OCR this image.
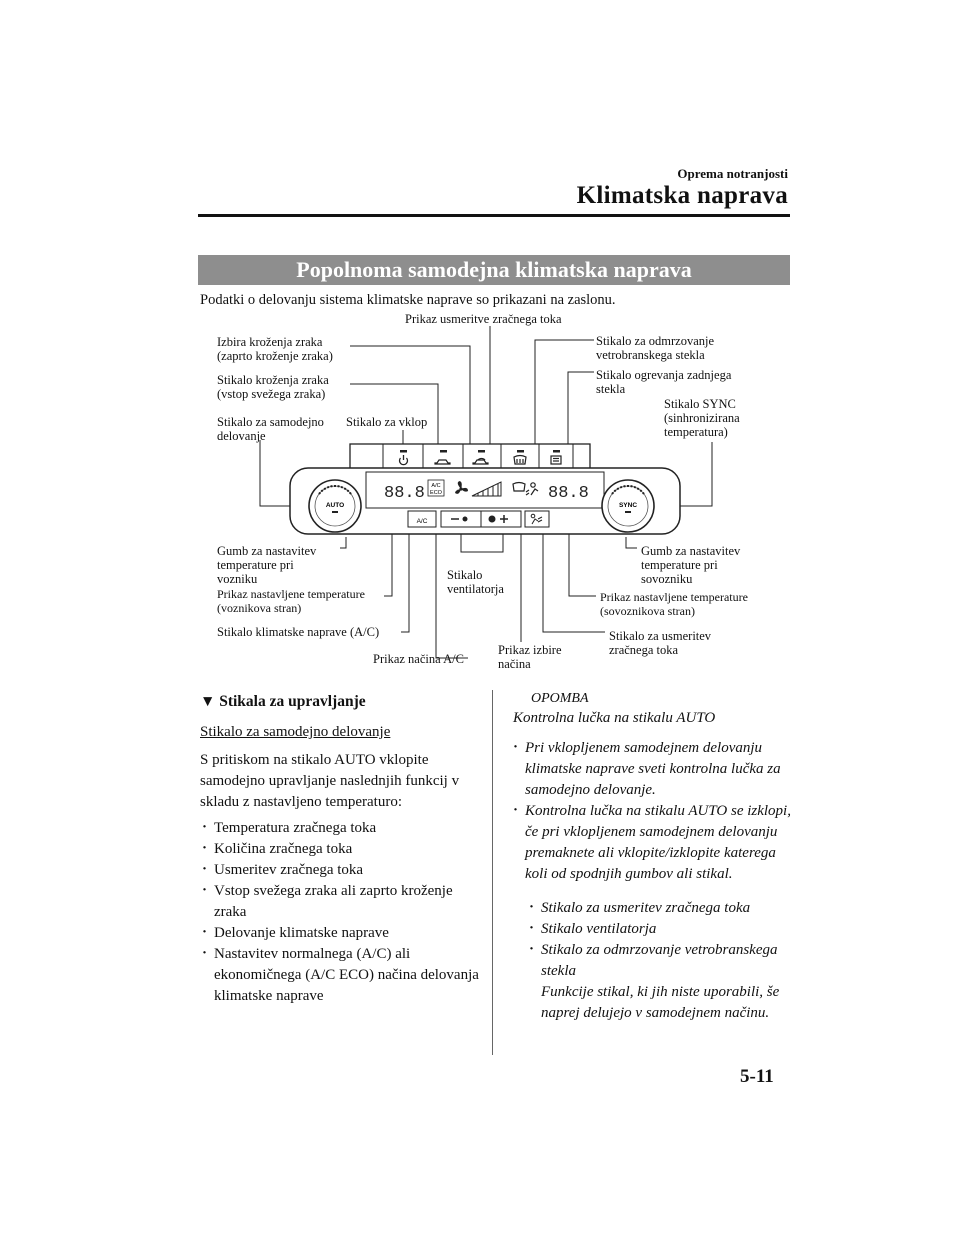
Oprema notranjosti
Klimatska naprava
Popolnoma samodejna klimatska naprava
Podatki o delovanju sistema klimatske naprave so prikazani na zaslonu.
Prikaz usmeritve zračnega toka
Izbira kroženja zraka
(zaprto kroženje zraka)
Stikalo kroženja zraka
(vstop svežega zraka)
Stikalo za samodejno
delovanje
Stikalo za vklop
Stikalo za odmrzovanje
vetrobranskega stekla
Stikalo ogrevanja zadnjega
stekla
Stikalo SYNC
(sinhronizirana
temperatura)
Gumb za nastavitev
temperature pri
vozniku
Prikaz nastavljene temperature
(voznikova stran)
Stikalo klimatske naprave (A/C)
Prikaz načina A/C
Stikalo
ventilatorja
Prikaz izbire
načina
Gumb za nastavitev
temperature pri
sovozniku
Prikaz nastavljene temperature
(sovoznikova stran)
Stikalo za usmeritev
zračnega toka
AUTO	SYNC
88.8	88.8
A/C
ECO
A/C
▼ Stikala za upravljanje
Stikalo za samodejno delovanje
S pritiskom na stikalo AUTO vklopite samodejno upravljanje naslednjih funkcij v skladu z nastavljeno temperaturo:
· Temperatura zračnega toka
· Količina zračnega toka
· Usmeritev zračnega toka
· Vstop svežega zraka ali zaprto kroženje zraka
· Delovanje klimatske naprave
· Nastavitev normalnega (A/C) ali ekonomičnega (A/C ECO) načina delovanja klimatske naprave
OPOMBA
Kontrolna lučka na stikalu AUTO
· Pri vklopljenem samodejnem delovanju klimatske naprave sveti kontrolna lučka za samodejno delovanje.
· Kontrolna lučka na stikalu AUTO se izklopi, če pri vklopljenem samodejnem delovanju premaknete ali vklopite/izklopite katerega koli od spodnjih gumbov ali stikal.
· Stikalo za usmeritev zračnega toka
· Stikalo ventilatorja
· Stikalo za odmrzovanje vetrobranskega stekla
Funkcije stikal, ki jih niste uporabili, še naprej delujejo v samodejnem načinu.
5-11
